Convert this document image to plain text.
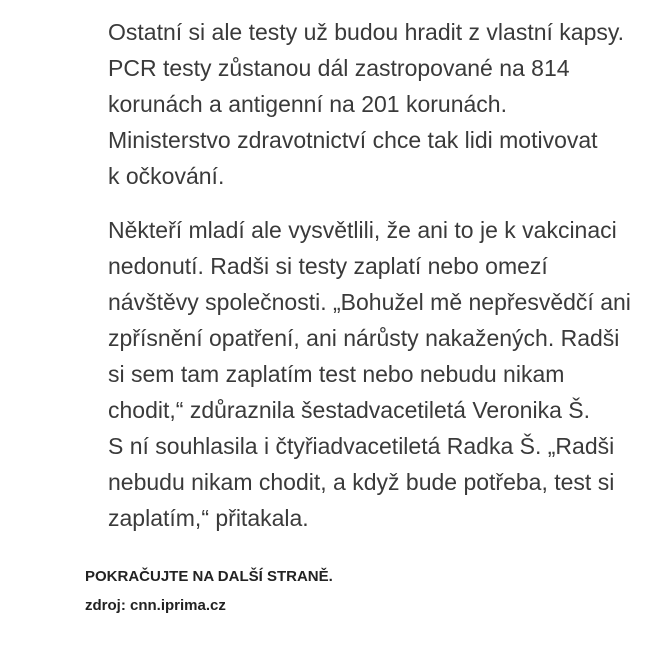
Ostatní si ale testy už budou hradit z vlastní kapsy.
PCR testy zůstanou dál zastropované na 814
korunách a antigenní na 201 korunách.
Ministerstvo zdravotnictví chce tak lidi motivovat
k očkování.

Někteří mladí ale vysvětlili, že ani to je k vakcinaci
nedonutí. Radši si testy zaplatí nebo omezí
návštěvy společnosti. „Bohužel mě nepřesvědčí ani
zpřísnění opatření, ani nárůsty nakažených. Radši
si sem tam zaplatím test nebo nebudu nikam
chodit,“ zdůraznila šestadvacetiletá Veronika Š.
S ní souhlasila i čtyřiadvacetiletá Radka Š. „Radši
nebudu nikam chodit, a když bude potřeba, test si
zaplatím,“ přitakala.

POKRAČUJTE NA DALŠÍ STRANĚ.
zdroj: cnn.iprima.cz
